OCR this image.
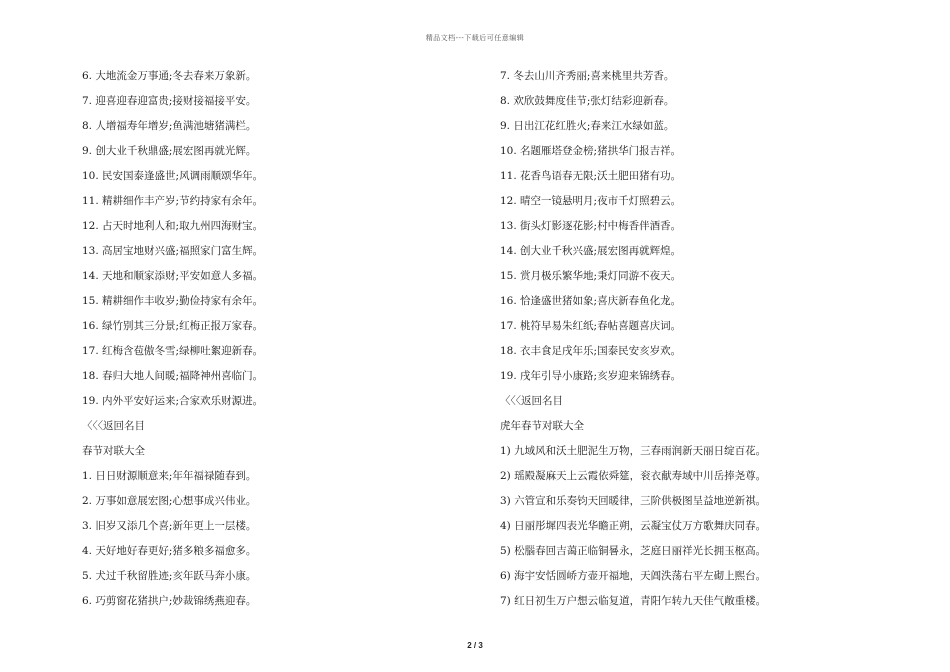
精品文档---下载后可任意编辑
6. 大地流金万事通;冬去春来万象新。
7. 迎喜迎春迎富贵;接财接福接平安。
8. 人增福寿年增岁;鱼满池塘猪满栏。
9. 创大业千秋鼎盛;展宏图再就光辉。
10. 民安国泰逢盛世;风调雨顺颂华年。
11. 精耕细作丰产岁;节约持家有余年。
12. 占天时地利人和;取九州四海财宝。
13. 高居宝地财兴盛;福照家门富生辉。
14. 天地和顺家添财;平安如意人多福。
15. 精耕细作丰收岁;勤俭持家有余年。
16. 绿竹别其三分景;红梅正报万家春。
17. 红梅含苞傲冬雪;绿柳吐絮迎新春。
18. 春归大地人间暖;福降神州喜临门。
19. 内外平安好运来;合家欢乐财源进。
〈〈〈返回名目
春节对联大全
1. 日日财源顺意来;年年福禄随春到。
2. 万事如意展宏图;心想事成兴伟业。
3. 旧岁又添几个喜;新年更上一层楼。
4. 天好地好春更好;猪多粮多福愈多。
5. 犬过千秋留胜迹;亥年跃马奔小康。
6. 巧剪窗花猪拱户;妙裁锦绣燕迎春。
7. 冬去山川齐秀丽;喜来桃里共芳香。
8. 欢欣鼓舞度佳节;张灯结彩迎新春。
9. 日出江花红胜火;春来江水绿如蓝。
10. 名题雁塔登金榜;猪拱华门报吉祥。
11. 花香鸟语春无限;沃土肥田猪有功。
12. 晴空一镜悬明月;夜市千灯照碧云。
13. 街头灯影逐花影;村中梅香伴酒香。
14. 创大业千秋兴盛;展宏图再就辉煌。
15. 赏月极乐繁华地;秉灯同游不夜天。
16. 恰逢盛世猪如象;喜庆新春鱼化龙。
17. 桃符早易朱红纸;春帖喜题喜庆词。
18. 衣丰食足戌年乐;国泰民安亥岁欢。
19. 戌年引导小康路;亥岁迎来锦绣春。
〈〈〈返回名目
虎年春节对联大全
1) 九域风和沃土肥泥生万物，三春雨润新天丽日绽百花。
2) 瑶殿凝麻天上云霞依舜筵，衮衣献寿域中川岳捧尧尊。
3) 六管宣和乐奏钧天回暖律，三阶供极图呈益地逆新祺。
4) 日丽彤墀四表光华瞻正朔，云凝宝仗万方歌舞庆同春。
5) 松腦春回吉蔼正临铜晷永，芝庭日丽祥光长拥玉枢高。
6) 海宇安恬圆峤方壶开福地，天阊泆荡右平左砌上熙台。
7) 红日初生万户想云临复道，青阳乍转九天佳气敞重楼。
2 / 3
